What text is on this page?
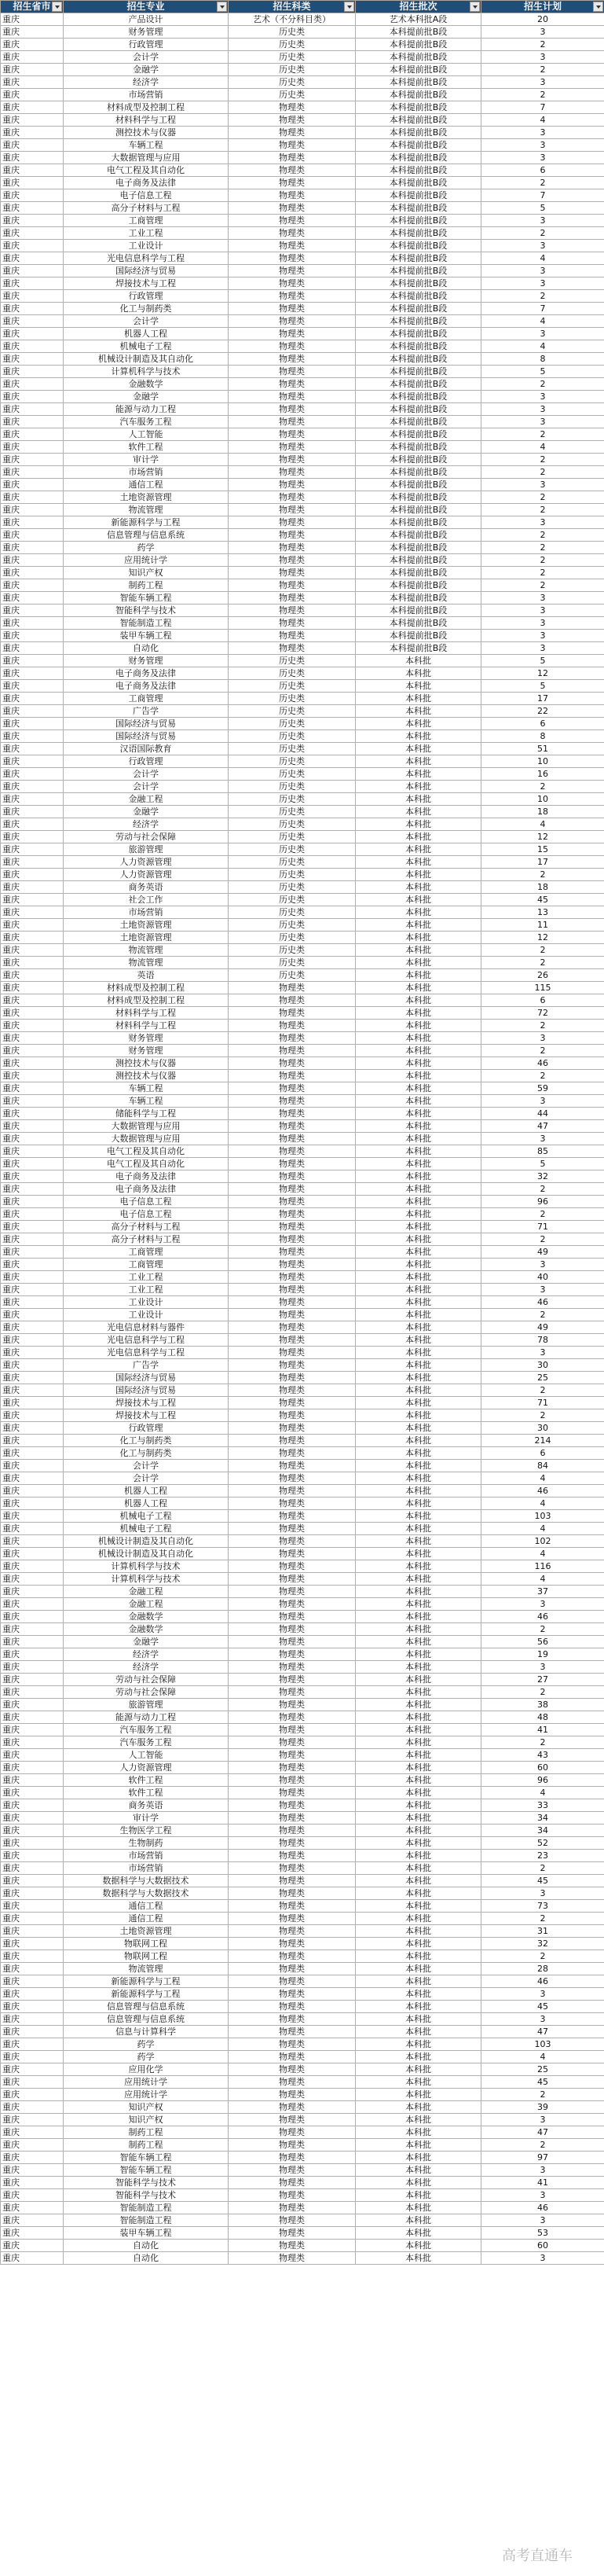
招生省市	招生专业	招生科类	招生批次	招生计划

重庆	产品设计	艺术（不分科目类）	艺术本科批A段	20
重庆	财务管理	历史类	本科提前批B段	3
重庆	行政管理	历史类	本科提前批B段	2
重庆	会计学	历史类	本科提前批B段	3
重庆	金融学	历史类	本科提前批B段	2
重庆	经济学	历史类	本科提前批B段	3
重庆	市场营销	历史类	本科提前批B段	2
重庆	材料成型及控制工程	物理类	本科提前批B段	7
重庆	材料科学与工程	物理类	本科提前批B段	4
重庆	测控技术与仪器	物理类	本科提前批B段	3
重庆	车辆工程	物理类	本科提前批B段	3
重庆	大数据管理与应用	物理类	本科提前批B段	3
重庆	电气工程及其自动化	物理类	本科提前批B段	6
重庆	电子商务及法律	物理类	本科提前批B段	2
重庆	电子信息工程	物理类	本科提前批B段	7
重庆	高分子材料与工程	物理类	本科提前批B段	5
重庆	工商管理	物理类	本科提前批B段	3
重庆	工业工程	物理类	本科提前批B段	2
重庆	工业设计	物理类	本科提前批B段	3
重庆	光电信息科学与工程	物理类	本科提前批B段	4
重庆	国际经济与贸易	物理类	本科提前批B段	3
重庆	焊接技术与工程	物理类	本科提前批B段	3
重庆	行政管理	物理类	本科提前批B段	2
重庆	化工与制药类	物理类	本科提前批B段	7
重庆	会计学	物理类	本科提前批B段	4
重庆	机器人工程	物理类	本科提前批B段	3
重庆	机械电子工程	物理类	本科提前批B段	4
重庆	机械设计制造及其自动化	物理类	本科提前批B段	8
重庆	计算机科学与技术	物理类	本科提前批B段	5
重庆	金融数学	物理类	本科提前批B段	2
重庆	金融学	物理类	本科提前批B段	3
重庆	能源与动力工程	物理类	本科提前批B段	3
重庆	汽车服务工程	物理类	本科提前批B段	3
重庆	人工智能	物理类	本科提前批B段	2
重庆	软件工程	物理类	本科提前批B段	4
重庆	审计学	物理类	本科提前批B段	2
重庆	市场营销	物理类	本科提前批B段	2
重庆	通信工程	物理类	本科提前批B段	3
重庆	土地资源管理	物理类	本科提前批B段	2
重庆	物流管理	物理类	本科提前批B段	2
重庆	新能源科学与工程	物理类	本科提前批B段	3
重庆	信息管理与信息系统	物理类	本科提前批B段	2
重庆	药学	物理类	本科提前批B段	2
重庆	应用统计学	物理类	本科提前批B段	2
重庆	知识产权	物理类	本科提前批B段	2
重庆	制药工程	物理类	本科提前批B段	2
重庆	智能车辆工程	物理类	本科提前批B段	3
重庆	智能科学与技术	物理类	本科提前批B段	3
重庆	智能制造工程	物理类	本科提前批B段	3
重庆	装甲车辆工程	物理类	本科提前批B段	3
重庆	自动化	物理类	本科提前批B段	3
重庆	财务管理	历史类	本科批	5
重庆	电子商务及法律	历史类	本科批	12
重庆	电子商务及法律	历史类	本科批	5
重庆	工商管理	历史类	本科批	17
重庆	广告学	历史类	本科批	22
重庆	国际经济与贸易	历史类	本科批	6
重庆	国际经济与贸易	历史类	本科批	8
重庆	汉语国际教育	历史类	本科批	51
重庆	行政管理	历史类	本科批	10
重庆	会计学	历史类	本科批	16
重庆	会计学	历史类	本科批	2
重庆	金融工程	历史类	本科批	10
重庆	金融学	历史类	本科批	18
重庆	经济学	历史类	本科批	4
重庆	劳动与社会保障	历史类	本科批	12
重庆	旅游管理	历史类	本科批	15
重庆	人力资源管理	历史类	本科批	17
重庆	人力资源管理	历史类	本科批	2
重庆	商务英语	历史类	本科批	18
重庆	社会工作	历史类	本科批	45
重庆	市场营销	历史类	本科批	13
重庆	土地资源管理	历史类	本科批	11
重庆	土地资源管理	历史类	本科批	12
重庆	物流管理	历史类	本科批	2
重庆	物流管理	历史类	本科批	2
重庆	英语	历史类	本科批	26
重庆	材料成型及控制工程	物理类	本科批	115
重庆	材料成型及控制工程	物理类	本科批	6
重庆	材料科学与工程	物理类	本科批	72
重庆	材料科学与工程	物理类	本科批	2
重庆	财务管理	物理类	本科批	3
重庆	财务管理	物理类	本科批	2
重庆	测控技术与仪器	物理类	本科批	46
重庆	测控技术与仪器	物理类	本科批	2
重庆	车辆工程	物理类	本科批	59
重庆	车辆工程	物理类	本科批	3
重庆	储能科学与工程	物理类	本科批	44
重庆	大数据管理与应用	物理类	本科批	47
重庆	大数据管理与应用	物理类	本科批	3
重庆	电气工程及其自动化	物理类	本科批	85
重庆	电气工程及其自动化	物理类	本科批	5
重庆	电子商务及法律	物理类	本科批	32
重庆	电子商务及法律	物理类	本科批	2
重庆	电子信息工程	物理类	本科批	96
重庆	电子信息工程	物理类	本科批	2
重庆	高分子材料与工程	物理类	本科批	71
重庆	高分子材料与工程	物理类	本科批	2
重庆	工商管理	物理类	本科批	49
重庆	工商管理	物理类	本科批	3
重庆	工业工程	物理类	本科批	40
重庆	工业工程	物理类	本科批	3
重庆	工业设计	物理类	本科批	46
重庆	工业设计	物理类	本科批	2
重庆	光电信息材料与器件	物理类	本科批	49
重庆	光电信息科学与工程	物理类	本科批	78
重庆	光电信息科学与工程	物理类	本科批	3
重庆	广告学	物理类	本科批	30
重庆	国际经济与贸易	物理类	本科批	25
重庆	国际经济与贸易	物理类	本科批	2
重庆	焊接技术与工程	物理类	本科批	71
重庆	焊接技术与工程	物理类	本科批	2
重庆	行政管理	物理类	本科批	30
重庆	化工与制药类	物理类	本科批	214
重庆	化工与制药类	物理类	本科批	6
重庆	会计学	物理类	本科批	84
重庆	会计学	物理类	本科批	4
重庆	机器人工程	物理类	本科批	46
重庆	机器人工程	物理类	本科批	4
重庆	机械电子工程	物理类	本科批	103
重庆	机械电子工程	物理类	本科批	4
重庆	机械设计制造及其自动化	物理类	本科批	102
重庆	机械设计制造及其自动化	物理类	本科批	4
重庆	计算机科学与技术	物理类	本科批	116
重庆	计算机科学与技术	物理类	本科批	4
重庆	金融工程	物理类	本科批	37
重庆	金融工程	物理类	本科批	3
重庆	金融数学	物理类	本科批	46
重庆	金融数学	物理类	本科批	2
重庆	金融学	物理类	本科批	56
重庆	经济学	物理类	本科批	19
重庆	经济学	物理类	本科批	3
重庆	劳动与社会保障	物理类	本科批	27
重庆	劳动与社会保障	物理类	本科批	2
重庆	旅游管理	物理类	本科批	38
重庆	能源与动力工程	物理类	本科批	48
重庆	汽车服务工程	物理类	本科批	41
重庆	汽车服务工程	物理类	本科批	2
重庆	人工智能	物理类	本科批	43
重庆	人力资源管理	物理类	本科批	60
重庆	软件工程	物理类	本科批	96
重庆	软件工程	物理类	本科批	4
重庆	商务英语	物理类	本科批	33
重庆	审计学	物理类	本科批	34
重庆	生物医学工程	物理类	本科批	34
重庆	生物制药	物理类	本科批	52
重庆	市场营销	物理类	本科批	23
重庆	市场营销	物理类	本科批	2
重庆	数据科学与大数据技术	物理类	本科批	45
重庆	数据科学与大数据技术	物理类	本科批	3
重庆	通信工程	物理类	本科批	73
重庆	通信工程	物理类	本科批	2
重庆	土地资源管理	物理类	本科批	31
重庆	物联网工程	物理类	本科批	32
重庆	物联网工程	物理类	本科批	2
重庆	物流管理	物理类	本科批	28
重庆	新能源科学与工程	物理类	本科批	46
重庆	新能源科学与工程	物理类	本科批	3
重庆	信息管理与信息系统	物理类	本科批	45
重庆	信息管理与信息系统	物理类	本科批	3
重庆	信息与计算科学	物理类	本科批	47
重庆	药学	物理类	本科批	103
重庆	药学	物理类	本科批	4
重庆	应用化学	物理类	本科批	25
重庆	应用统计学	物理类	本科批	45
重庆	应用统计学	物理类	本科批	2
重庆	知识产权	物理类	本科批	39
重庆	知识产权	物理类	本科批	3
重庆	制药工程	物理类	本科批	47
重庆	制药工程	物理类	本科批	2
重庆	智能车辆工程	物理类	本科批	97
重庆	智能车辆工程	物理类	本科批	3
重庆	智能科学与技术	物理类	本科批	41
重庆	智能科学与技术	物理类	本科批	3
重庆	智能制造工程	物理类	本科批	46
重庆	智能制造工程	物理类	本科批	3
重庆	装甲车辆工程	物理类	本科批	53
重庆	自动化	物理类	本科批	60
重庆	自动化	物理类	本科批	3
高考直通车
